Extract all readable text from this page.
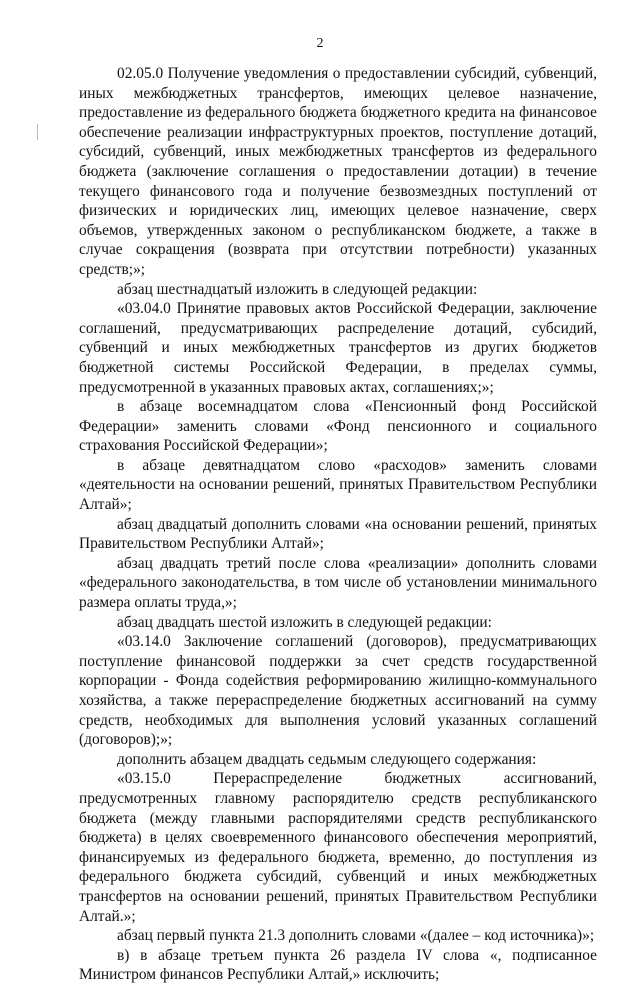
2

02.05.0 Получение уведомления о предоставлении субсидий, субвенций, иных межбюджетных трансфертов, имеющих целевое назначение, предоставление из федерального бюджета бюджетного кредита на финансовое обеспечение реализации инфраструктурных проектов, поступление дотаций, субсидий, субвенций, иных межбюджетных трансфертов из федерального бюджета (заключение соглашения о предоставлении дотации) в течение текущего финансового года и получение безвозмездных поступлений от физических и юридических лиц, имеющих целевое назначение, сверх объемов, утвержденных законом о республиканском бюджете, а также в случае сокращения (возврата при отсутствии потребности) указанных средств;»;

абзац шестнадцатый изложить в следующей редакции:

«03.04.0 Принятие правовых актов Российской Федерации, заключение соглашений, предусматривающих распределение дотаций, субсидий, субвенций и иных межбюджетных трансфертов из других бюджетов бюджетной системы Российской Федерации, в пределах суммы, предусмотренной в указанных правовых актах, соглашениях;»;

в абзаце восемнадцатом слова «Пенсионный фонд Российской Федерации» заменить словами «Фонд пенсионного и социального страхования Российской Федерации»;

в абзаце девятнадцатом слово «расходов» заменить словами «деятельности на основании решений, принятых Правительством Республики Алтай»;

абзац двадцатый дополнить словами «на основании решений, принятых Правительством Республики Алтай»;

абзац двадцать третий после слова «реализации» дополнить словами «федерального законодательства, в том числе об установлении минимального размера оплаты труда,»;

абзац двадцать шестой изложить в следующей редакции:

«03.14.0 Заключение соглашений (договоров), предусматривающих поступление финансовой поддержки за счет средств государственной корпорации - Фонда содействия реформированию жилищно-коммунального хозяйства, а также перераспределение бюджетных ассигнований на сумму средств, необходимых для выполнения условий указанных соглашений (договоров);»;

дополнить абзацем двадцать седьмым следующего содержания:

«03.15.0 Перераспределение бюджетных ассигнований, предусмотренных главному распорядителю средств республиканского бюджета (между главными распорядителями средств республиканского бюджета) в целях своевременного финансового обеспечения мероприятий, финансируемых из федерального бюджета, временно, до поступления из федерального бюджета субсидий, субвенций и иных межбюджетных трансфертов на основании решений, принятых Правительством Республики Алтай.»;

абзац первый пункта 21.3 дополнить словами «(далее – код источника)»;

в) в абзаце третьем пункта 26 раздела IV слова «, подписанное Министром финансов Республики Алтай,» исключить;
